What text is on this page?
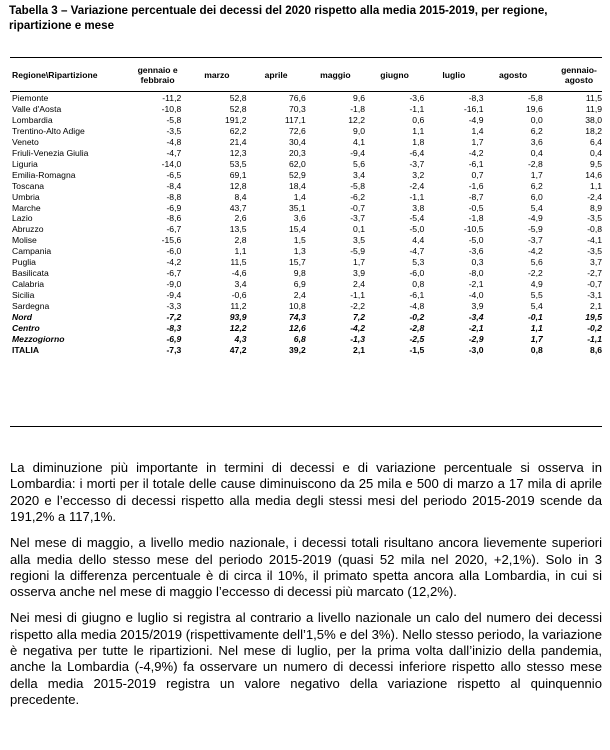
Tabella 3 – Variazione percentuale dei decessi del 2020 rispetto alla media 2015-2019, per regione, ripartizione e mese
Regione\Ripartizione	gennaio e febbraio	marzo	aprile	maggio	giugno	luglio	agosto	gennaio-agosto
Piemonte	-11,2	52,8	76,6	9,6	-3,6	-8,3	-5,8	11,5
Valle d'Aosta	-10,8	52,8	70,3	-1,8	-1,1	-16,1	19,6	11,9
Lombardia	-5,8	191,2	117,1	12,2	0,6	-4,9	0,0	38,0
Trentino-Alto Adige	-3,5	62,2	72,6	9,0	1,1	1,4	6,2	18,2
Veneto	-4,8	21,4	30,4	4,1	1,8	1,7	3,6	6,4
Friuli-Venezia Giulia	-4,7	12,3	20,3	-9,4	-6,4	-4,2	0,4	0,4
Liguria	-14,0	53,5	62,0	5,6	-3,7	-6,1	-2,8	9,5
Emilia-Romagna	-6,5	69,1	52,9	3,4	3,2	0,7	1,7	14,6
Toscana	-8,4	12,8	18,4	-5,8	-2,4	-1,6	6,2	1,1
Umbria	-8,8	8,4	1,4	-6,2	-1,1	-8,7	6,0	-2,4
Marche	-6,9	43,7	35,1	-0,7	3,8	-0,5	5,4	8,9
Lazio	-8,6	2,6	3,6	-3,7	-5,4	-1,8	-4,9	-3,5
Abruzzo	-6,7	13,5	15,4	0,1	-5,0	-10,5	-5,9	-0,8
Molise	-15,6	2,8	1,5	3,5	4,4	-5,0	-3,7	-4,1
Campania	-6,0	1,1	1,3	-5,9	-4,7	-3,6	-4,2	-3,5
Puglia	-4,2	11,5	15,7	1,7	5,3	0,3	5,6	3,7
Basilicata	-6,7	-4,6	9,8	3,9	-6,0	-8,0	-2,2	-2,7
Calabria	-9,0	3,4	6,9	2,4	0,8	-2,1	4,9	-0,7
Sicilia	-9,4	-0,6	2,4	-1,1	-6,1	-4,0	5,5	-3,1
Sardegna	-3,3	11,2	10,8	-2,2	-4,8	3,9	5,4	2,1
Nord	-7,2	93,9	74,3	7,2	-0,2	-3,4	-0,1	19,5
Centro	-8,3	12,2	12,6	-4,2	-2,8	-2,1	1,1	-0,2
Mezzogiorno	-6,9	4,3	6,8	-1,3	-2,5	-2,9	1,7	-1,1
ITALIA	-7,3	47,2	39,2	2,1	-1,5	-3,0	0,8	8,6

La diminuzione più importante in termini di decessi e di variazione percentuale si osserva in Lombardia: i morti per il totale delle cause diminuiscono da 25 mila e 500 di marzo a 17 mila di aprile 2020 e l’eccesso di decessi rispetto alla media degli stessi mesi del periodo 2015-2019 scende da 191,2% a 117,1%.

Nel mese di maggio, a livello medio nazionale, i decessi totali risultano ancora lievemente superiori alla media dello stesso mese del periodo 2015-2019 (quasi 52 mila nel 2020, +2,1%). Solo in 3 regioni la differenza percentuale è di circa il 10%, il primato spetta ancora alla Lombardia, in cui si osserva anche nel mese di maggio l’eccesso di decessi più marcato (12,2%).

Nei mesi di giugno e luglio si registra al contrario a livello nazionale un calo del numero dei decessi rispetto alla media 2015/2019 (rispettivamente dell’1,5% e del 3%). Nello stesso periodo, la variazione è negativa per tutte le ripartizioni. Nel mese di luglio, per la prima volta dall’inizio della pandemia, anche la Lombardia (-4,9%) fa osservare un numero di decessi inferiore rispetto allo stesso mese della media 2015-2019 registra un valore negativo della variazione rispetto al quinquennio precedente.
